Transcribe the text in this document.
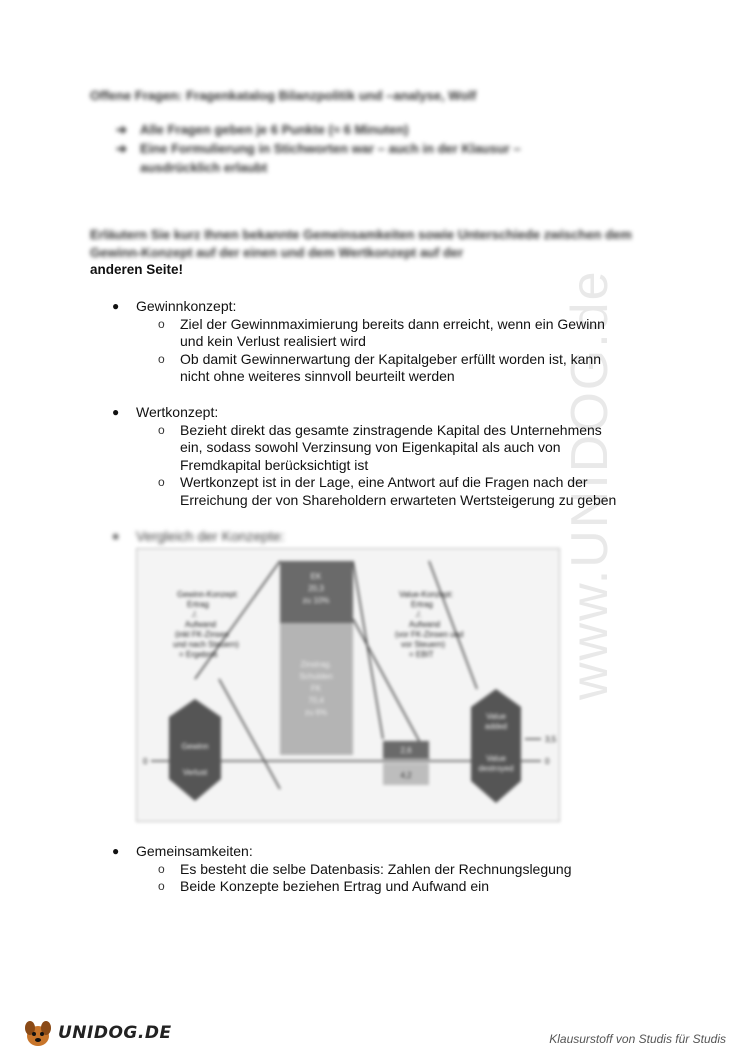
www.UNIDOG.de
Offene Fragen: Fragenkatalog Bilanzpolitik und –analyse, Wolf
➔	Alle Fragen geben je 6 Punkte (≈ 6 Minuten)
➔	Eine Formulierung in Stichworten war – auch in der Klausur –
ausdrücklich erlaubt
Erläutern Sie kurz Ihnen bekannte Gemeinsamkeiten sowie Unterschiede zwischen dem Gewinn-Konzept auf der einen und dem Wertkonzept auf der
anderen Seite!
●	Gewinnkonzept:
o	Ziel der Gewinnmaximierung bereits dann erreicht, wenn ein Gewinn
und kein Verlust realisiert wird
o	Ob damit Gewinnerwartung der Kapitalgeber erfüllt worden ist, kann
nicht ohne weiteres sinnvoll beurteilt werden
●	Wertkonzept:
o	Bezieht direkt das gesamte zinstragende Kapital des Unternehmens
ein, sodass sowohl Verzinsung von Eigenkapital als auch von
Fremdkapital berücksichtigt ist
o	Wertkonzept ist in der Lage, eine Antwort auf die Fragen nach der
Erreichung der von Shareholdern erwarteten Wertsteigerung zu geben
●	Vergleich der Konzepte:
Gewinn-Konzept:
Ertrag
./.
Aufwand
(inkl FK-Zinsen
und nach Steuern)
= Ergebnis
Value-Konzept:
Ertrag
./.
Aufwand
(vor FK-Zinsen und
vor Steuern)
= EBIT
0
3,5
0
EK
20,3
zu 10%
Zinstrag.
Schulden
FK
70,4
zu 6%
2,6
Gewinn
Verlust
Value
added
Value
destroyed
4,2
●	Gemeinsamkeiten:
o	Es besteht die selbe Datenbasis: Zahlen der Rechnungslegung
o	Beide Konzepte beziehen Ertrag und Aufwand ein
UNIDOG.DE	Klausurstoff von Studis für Studis
